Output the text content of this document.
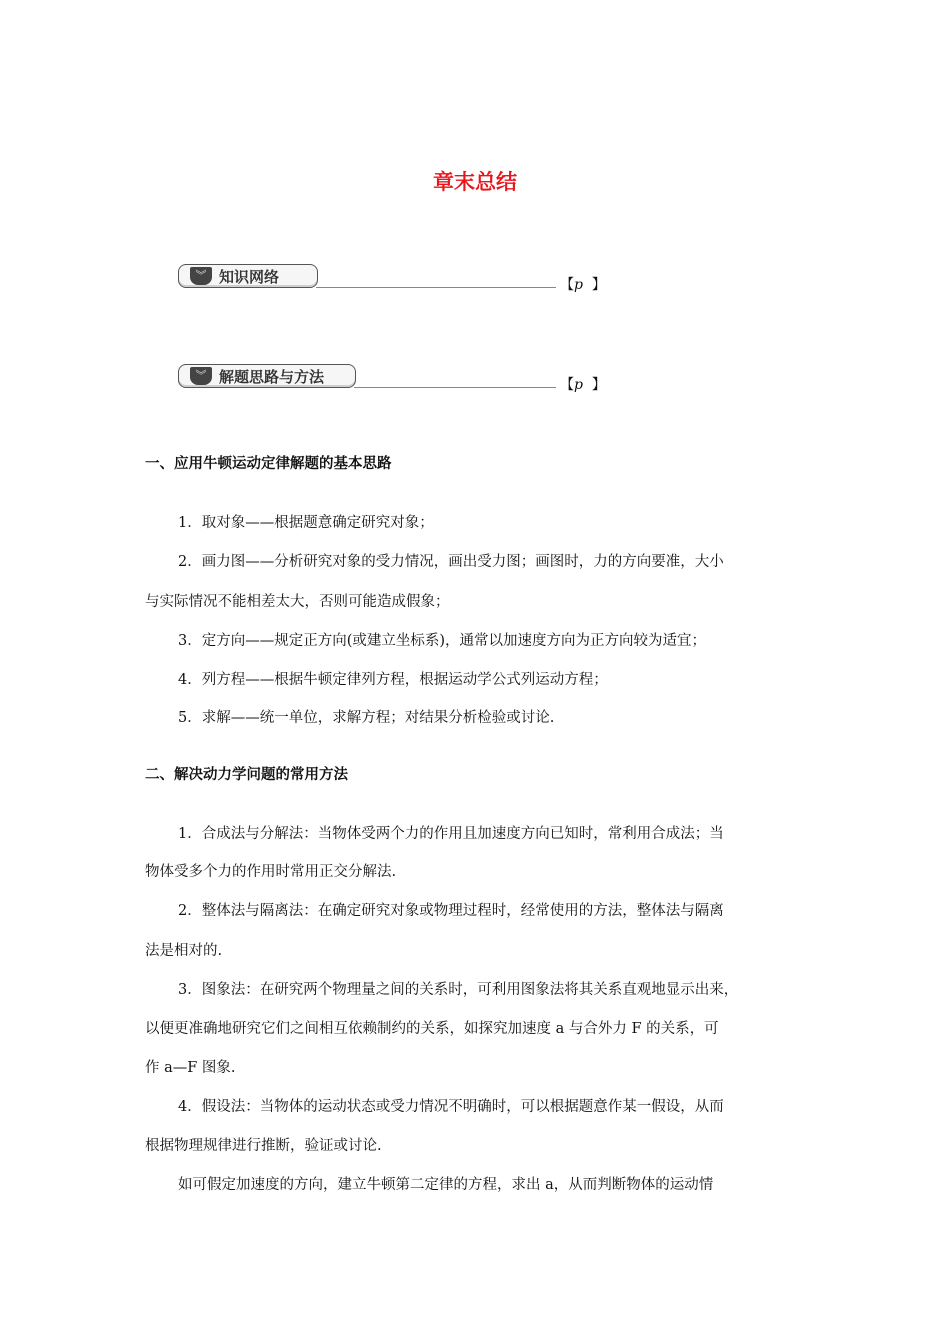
章末总结
︾ 知识网络	【p 】
︾ 解题思路与方法	【p 】
一、应用牛顿运动定律解题的基本思路
1．取对象——根据题意确定研究对象；
2．画力图——分析研究对象的受力情况，画出受力图；画图时，力的方向要准，大小
与实际情况不能相差太大，否则可能造成假象；
3．定方向——规定正方向(或建立坐标系)，通常以加速度方向为正方向较为适宜；
4．列方程——根据牛顿定律列方程，根据运动学公式列运动方程；
5．求解——统一单位，求解方程；对结果分析检验或讨论.
二、解决动力学问题的常用方法
1．合成法与分解法：当物体受两个力的作用且加速度方向已知时，常利用合成法；当
物体受多个力的作用时常用正交分解法.
2．整体法与隔离法：在确定研究对象或物理过程时，经常使用的方法，整体法与隔离
法是相对的.
3．图象法：在研究两个物理量之间的关系时，可利用图象法将其关系直观地显示出来，
以便更准确地研究它们之间相互依赖制约的关系，如探究加速度 a 与合外力 F 的关系，可
作 a—F 图象.
4．假设法：当物体的运动状态或受力情况不明确时，可以根据题意作某一假设，从而
根据物理规律进行推断，验证或讨论.
如可假定加速度的方向，建立牛顿第二定律的方程，求出 a，从而判断物体的运动情
